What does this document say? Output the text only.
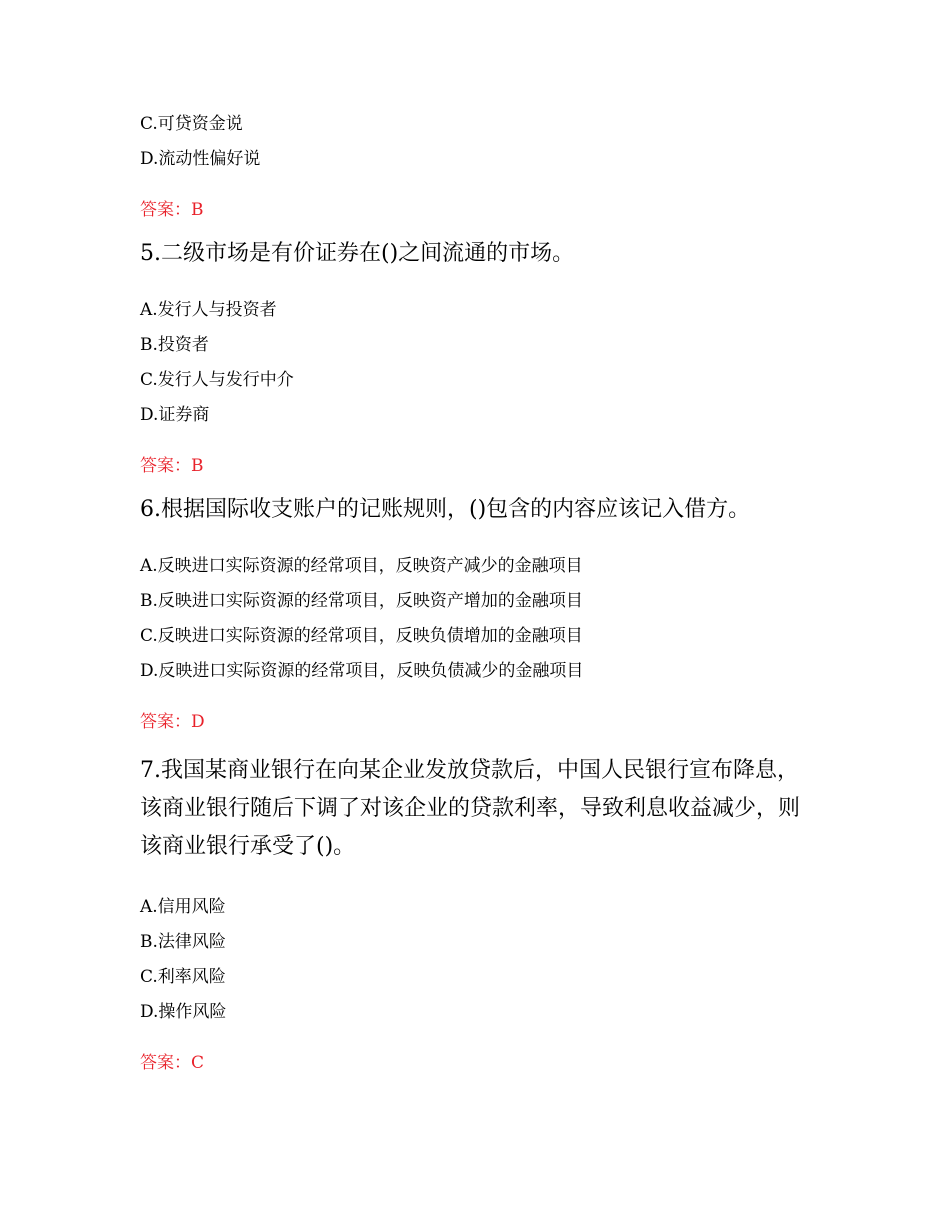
C.可贷资金说

D.流动性偏好说

答案：B

5.二级市场是有价证券在()之间流通的市场。

A.发行人与投资者

B.投资者

C.发行人与发行中介

D.证券商

答案：B

6.根据国际收支账户的记账规则，()包含的内容应该记入借方。

A.反映进口实际资源的经常项目，反映资产减少的金融项目

B.反映进口实际资源的经常项目，反映资产增加的金融项目

C.反映进口实际资源的经常项目，反映负债增加的金融项目

D.反映进口实际资源的经常项目，反映负债减少的金融项目

答案：D

7.我国某商业银行在向某企业发放贷款后，中国人民银行宣布降息，
该商业银行随后下调了对该企业的贷款利率，导致利息收益减少，则
该商业银行承受了()。

A.信用风险

B.法律风险

C.利率风险

D.操作风险

答案：C
